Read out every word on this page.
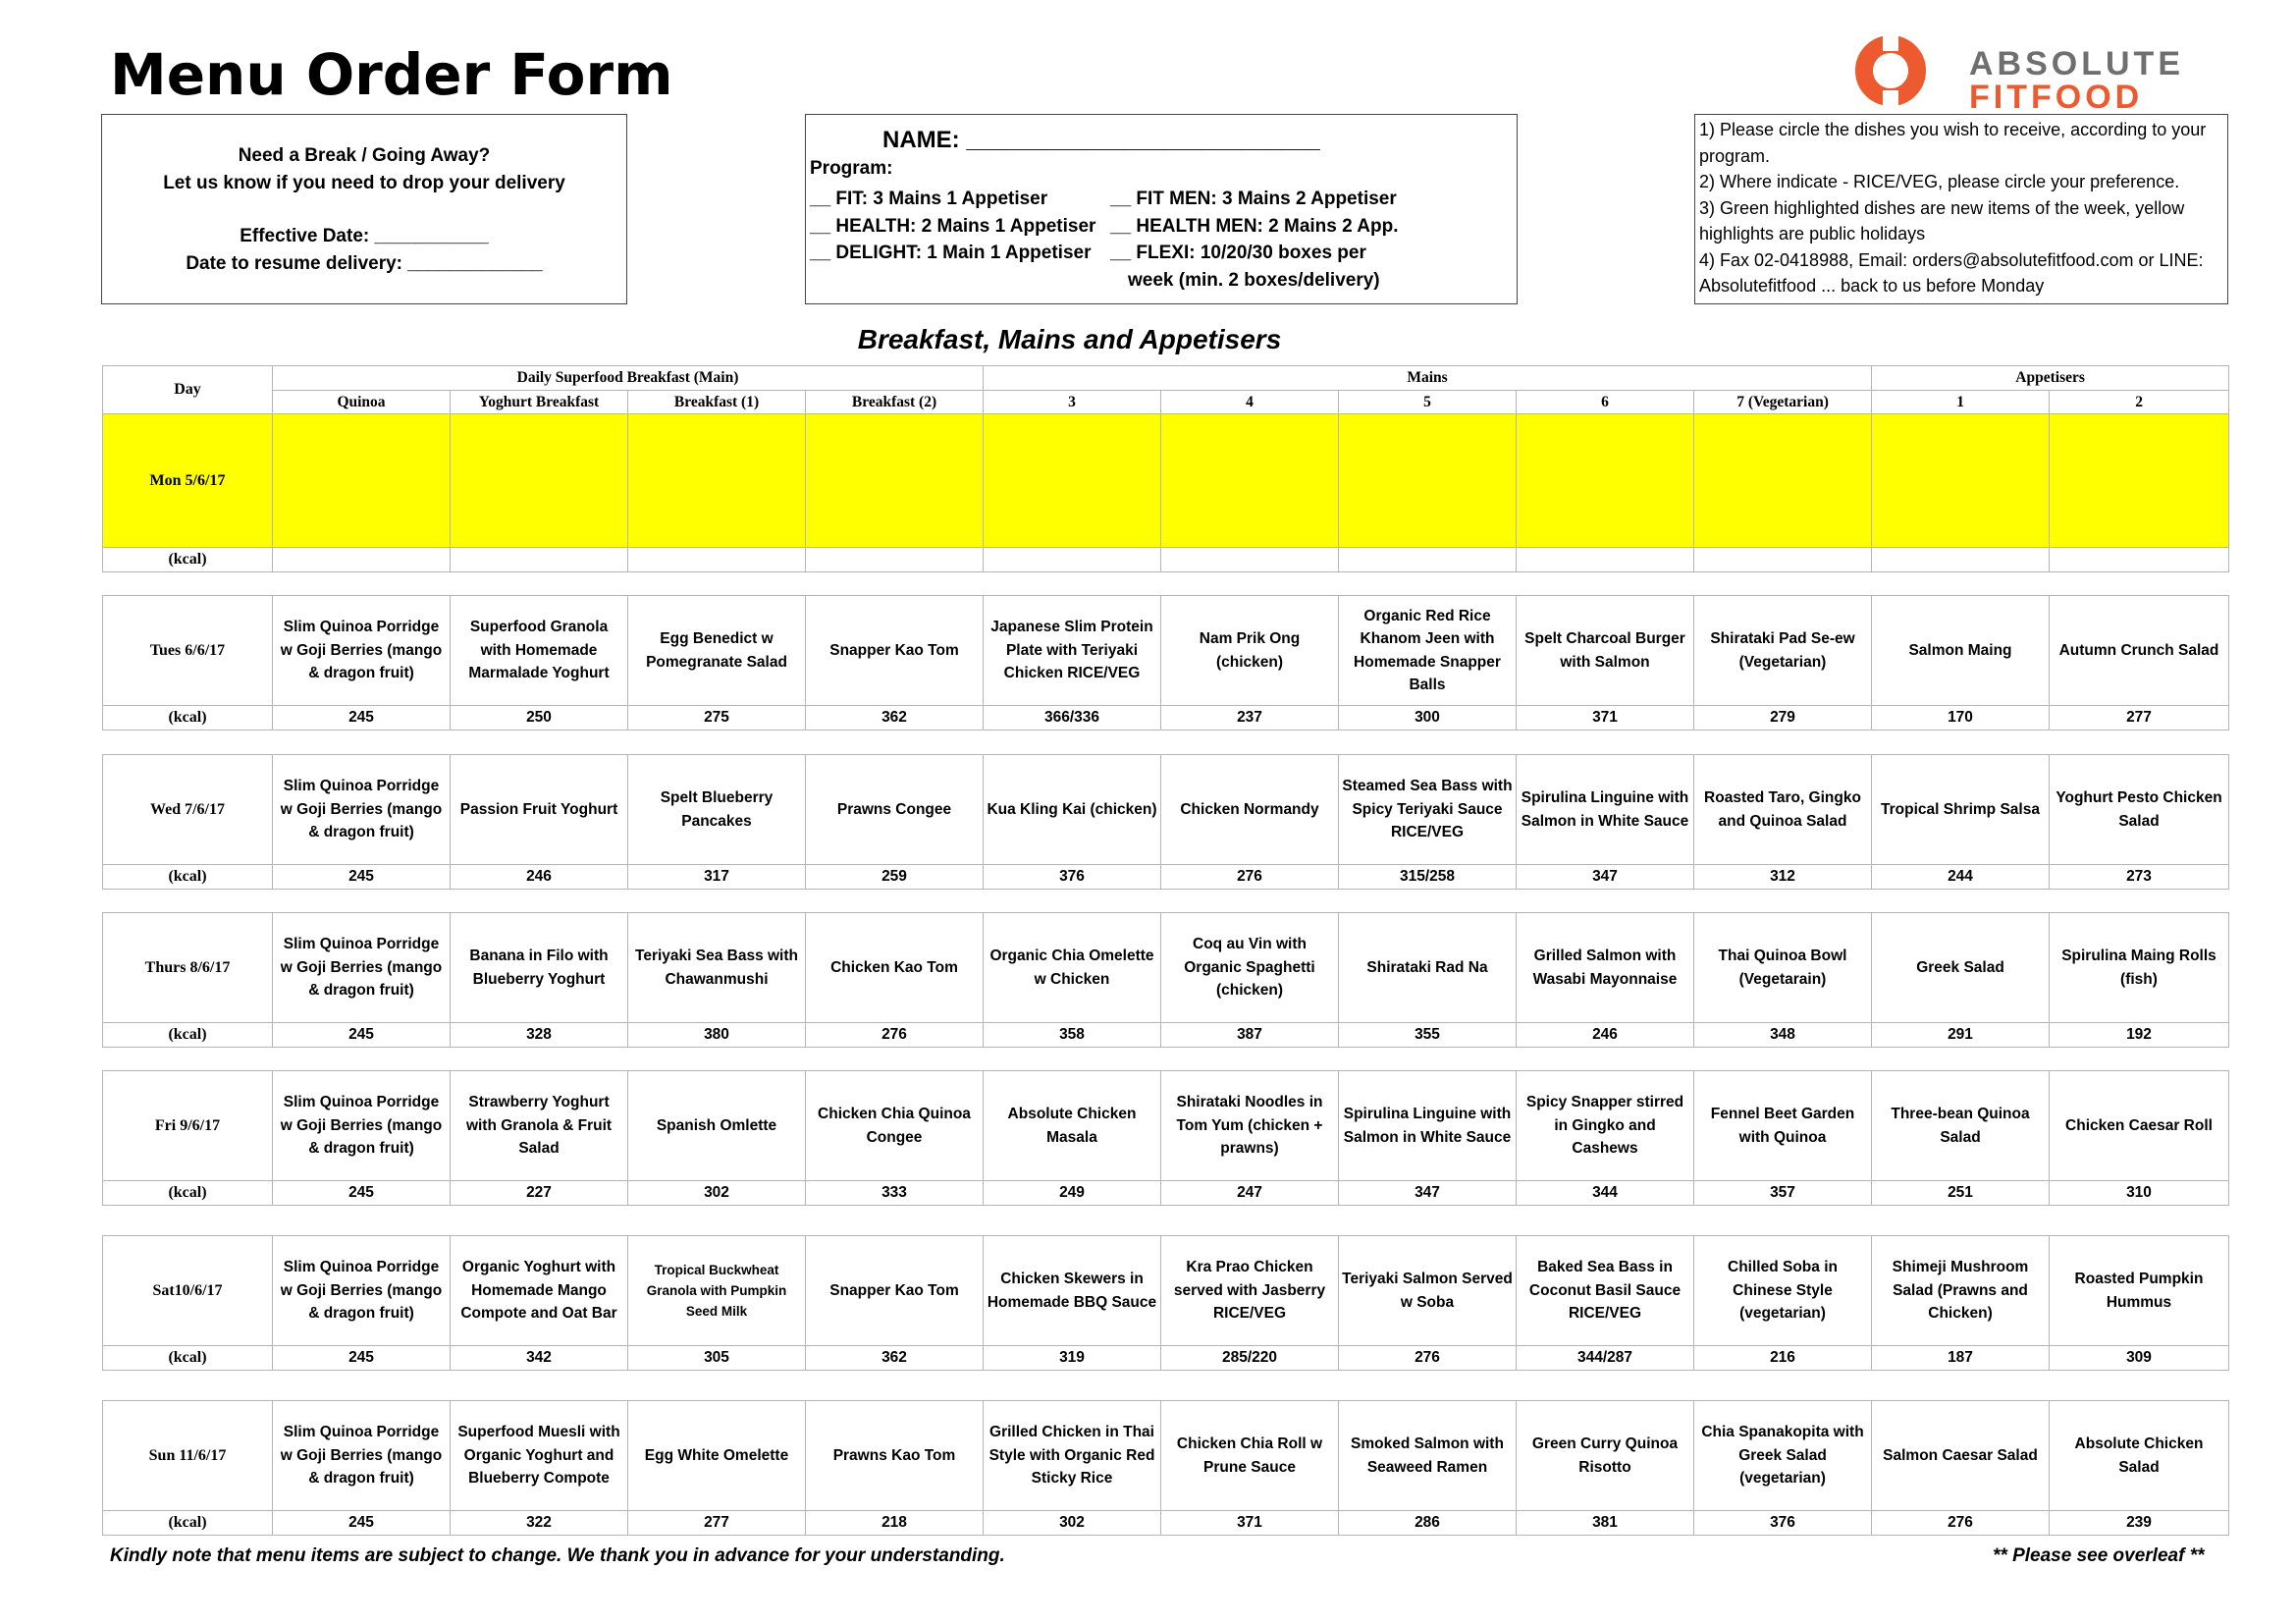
Menu Order Form	ABSOLUTE
FITFOOD
Need a Break / Going Away?
Let us know if you need to drop your delivery
Effective Date: ___________
Date to resume delivery: _____________
NAME: ___________________________
Program:
__ FIT: 3 Mains 1 Appetiser
__ HEALTH: 2 Mains 1 Appetiser
__ DELIGHT: 1 Main 1 Appetiser
__ FIT MEN: 3 Mains 2 Appetiser
__ HEALTH MEN: 2 Mains 2 App.
__ FLEXI: 10/20/30 boxes per
week (min. 2 boxes/delivery)
1) Please circle the dishes you wish to receive, according to your program.
2) Where indicate - RICE/VEG, please circle your preference.
3) Green highlighted dishes are new items of the week, yellow highlights are public holidays
4) Fax 02-0418988, Email: orders@absolutefitfood.com or LINE: Absolutefitfood ... back to us before Monday
Breakfast, Mains and Appetisers
Day	Daily Superfood Breakfast (Main)				Mains					Appetisers	
	Quinoa	Yoghurt Breakfast	Breakfast (1)	Breakfast (2)	3	4	5	6	7 (Vegetarian)	1	2
Mon 5/6/17											
(kcal)											
Tues 6/6/17	Slim Quinoa Porridge w Goji Berries (mango & dragon fruit)	Superfood Granola with Homemade Marmalade Yoghurt	Egg Benedict w Pomegranate Salad	Snapper Kao Tom	Japanese Slim Protein Plate with Teriyaki Chicken RICE/VEG	Nam Prik Ong (chicken)	Organic Red Rice Khanom Jeen with Homemade Snapper Balls	Spelt Charcoal Burger with Salmon	Shirataki Pad Se-ew (Vegetarian)	Salmon Maing	Autumn Crunch Salad
(kcal)	245	250	275	362	366/336	237	300	371	279	170	277
Wed 7/6/17	Slim Quinoa Porridge w Goji Berries (mango & dragon fruit)	Passion Fruit Yoghurt	Spelt Blueberry Pancakes	Prawns Congee	Kua Kling Kai (chicken)	Chicken Normandy	Steamed Sea Bass with Spicy Teriyaki Sauce RICE/VEG	Spirulina Linguine with Salmon in White Sauce	Roasted Taro, Gingko and Quinoa Salad	Tropical Shrimp Salsa	Yoghurt Pesto Chicken Salad
(kcal)	245	246	317	259	376	276	315/258	347	312	244	273
Thurs 8/6/17	Slim Quinoa Porridge w Goji Berries (mango & dragon fruit)	Banana in Filo with Blueberry Yoghurt	Teriyaki Sea Bass with Chawanmushi	Chicken Kao Tom	Organic Chia Omelette w Chicken	Coq au Vin with Organic Spaghetti (chicken)	Shirataki Rad Na	Grilled Salmon with Wasabi Mayonnaise	Thai Quinoa Bowl (Vegetarain)	Greek Salad	Spirulina Maing Rolls (fish)
(kcal)	245	328	380	276	358	387	355	246	348	291	192
Fri 9/6/17	Slim Quinoa Porridge w Goji Berries (mango & dragon fruit)	Strawberry Yoghurt with Granola & Fruit Salad	Spanish Omlette	Chicken Chia Quinoa Congee	Absolute Chicken Masala	Shirataki Noodles in Tom Yum (chicken + prawns)	Spirulina Linguine with Salmon in White Sauce	Spicy Snapper stirred in Gingko and Cashews	Fennel Beet Garden with Quinoa	Three-bean Quinoa Salad	Chicken Caesar Roll
(kcal)	245	227	302	333	249	247	347	344	357	251	310
Sat10/6/17	Slim Quinoa Porridge w Goji Berries (mango & dragon fruit)	Organic Yoghurt with Homemade Mango Compote and Oat Bar	Tropical Buckwheat Granola with Pumpkin Seed Milk	Snapper Kao Tom	Chicken Skewers in Homemade BBQ Sauce	Kra Prao Chicken served with Jasberry RICE/VEG	Teriyaki Salmon Served w Soba	Baked Sea Bass in Coconut Basil Sauce RICE/VEG	Chilled Soba in Chinese Style (vegetarian)	Shimeji Mushroom Salad (Prawns and Chicken)	Roasted Pumpkin Hummus
(kcal)	245	342	305	362	319	285/220	276	344/287	216	187	309
Sun 11/6/17	Slim Quinoa Porridge w Goji Berries (mango & dragon fruit)	Superfood Muesli with Organic Yoghurt and Blueberry Compote	Egg White Omelette	Prawns Kao Tom	Grilled Chicken in Thai Style with Organic Red Sticky Rice	Chicken Chia Roll w Prune Sauce	Smoked Salmon with Seaweed Ramen	Green Curry Quinoa Risotto	Chia Spanakopita with Greek Salad (vegetarian)	Salmon Caesar Salad	Absolute Chicken Salad
(kcal)	245	322	277	218	302	371	286	381	376	276	239
Kindly note that menu items are subject to change. We thank you in advance for your understanding.	** Please see overleaf **
